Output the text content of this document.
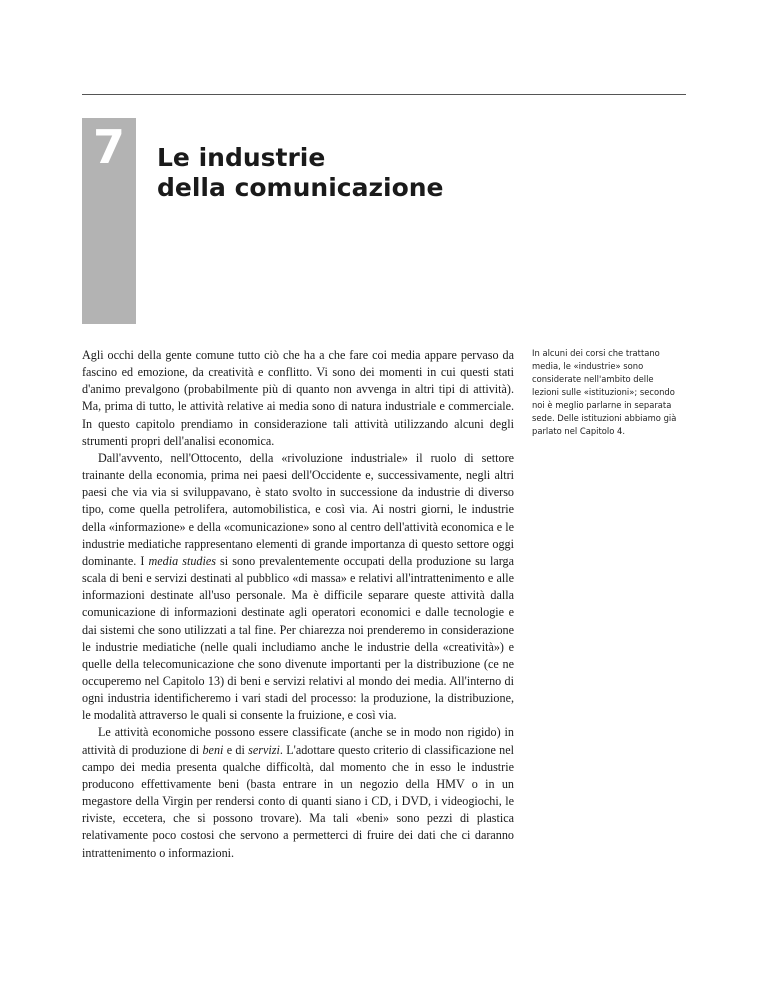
7	Le industrie
della comunicazione

Agli occhi della gente comune tutto ciò che ha a che fare coi media appare pervaso da fascino ed emozione, da creatività e conflitto. Vi sono dei momenti in cui questi stati d'animo prevalgono (probabilmente più di quanto non avvenga in altri tipi di attività). Ma, prima di tutto, le attività relative ai media sono di natura industriale e commerciale. In questo capitolo prendiamo in considerazione tali attività utilizzando alcuni degli strumenti propri dell'analisi economica.

Dall'avvento, nell'Ottocento, della «rivoluzione industriale» il ruolo di settore trainante della economia, prima nei paesi dell'Occidente e, successivamente, negli altri paesi che via via si sviluppavano, è stato svolto in successione da industrie di diverso tipo, come quella petrolifera, automobilistica, e così via. Ai nostri giorni, le industrie della «informazione» e della «comunicazione» sono al centro dell'attività economica e le industrie mediatiche rappresentano elementi di grande importanza di questo settore oggi dominante. I media studies si sono prevalentemente occupati della produzione su larga scala di beni e servizi destinati al pubblico «di massa» e relativi all'intrattenimento e alle informazioni destinate all'uso personale. Ma è difficile separare queste attività dalla comunicazione di informazioni destinate agli operatori economici e dalle tecnologie e dai sistemi che sono utilizzati a tal fine. Per chiarezza noi prenderemo in considerazione le industrie mediatiche (nelle quali includiamo anche le industrie della «creatività») e quelle della telecomunicazione che sono divenute importanti per la distribuzione (ce ne occuperemo nel Capitolo 13) di beni e servizi relativi al mondo dei media. All'interno di ogni industria identificheremo i vari stadi del processo: la produzione, la distribuzione, le modalità attraverso le quali si consente la fruizione, e così via.

Le attività economiche possono essere classificate (anche se in modo non rigido) in attività di produzione di beni e di servizi. L'adottare questo criterio di classificazione nel campo dei media presenta qualche difficoltà, dal momento che in esso le industrie producono effettivamente beni (basta entrare in un negozio della HMV o in un megastore della Virgin per rendersi conto di quanti siano i CD, i DVD, i videogiochi, le riviste, eccetera, che si possono trovare). Ma tali «beni» sono pezzi di plastica relativamente poco costosi che servono a permetterci di fruire dei dati che ci daranno intrattenimento o informazioni.

In alcuni dei corsi che trattano media, le «industrie» sono considerate nell'ambito delle lezioni sulle «istituzioni»; secondo noi è meglio parlarne in separata sede. Delle istituzioni abbiamo già parlato nel Capitolo 4.
